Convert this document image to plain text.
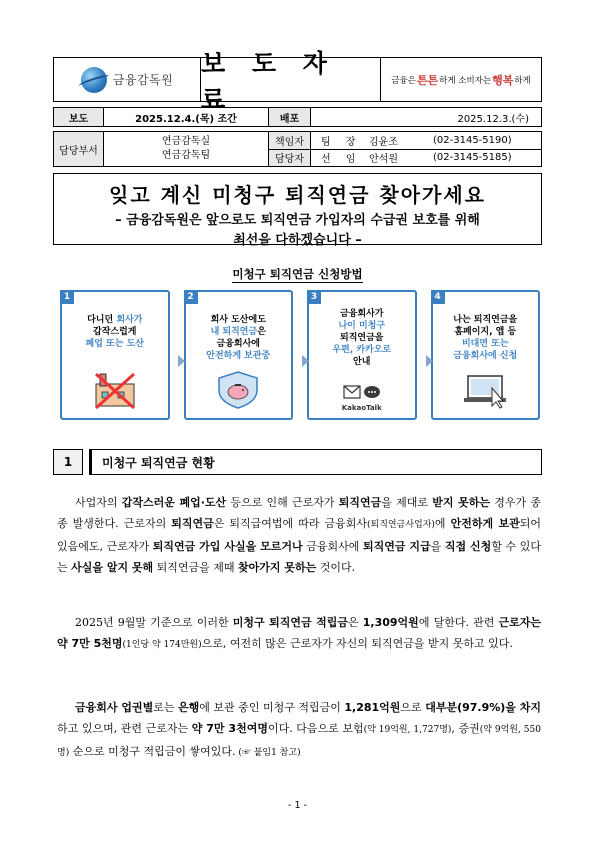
금융감독원
보 도 자 료
금융은 튼튼 하게 소비자는 행복 하게
보도	2025.12.4.(목) 조간	배포	2025.12.3.(수)
담당부서
연금감독실
연금감독팀
책임자	팀 장 김윤조	(02-3145-5190)
담당자	선 임 안석원	(02-3145-5185)
잊고 계신 미청구 퇴직연금 찾아가세요
– 금융감독원은 앞으로도 퇴직연금 가입자의 수급권 보호를 위해
최선을 다하겠습니다 –
미청구 퇴직연금 신청방법
1
다니던 회사가
갑작스럽게
폐업 또는 도산
2
회사 도산에도
내 퇴직연금은
금융회사에
안전하게 보관중
3
금융회사가
나이 미청구
퇴직연금을
우편, 카카오로
안내
KakaoTalk
4
나는 퇴직연금을
홈페이지, 앱 등
비대면 또는
금융회사에 신청
1	미청구 퇴직연금 현황

사업자의 갑작스러운 폐업·도산 등으로 인해 근로자가 퇴직연금을 제대로 받지 못하는 경우가 종종 발생한다. 근로자의 퇴직연금은 퇴직급여법에 따라 금융회사(퇴직연금사업자)에 안전하게 보관되어 있음에도, 근로자가 퇴직연금 가입 사실을 모르거나 금융회사에 퇴직연금 지급을 직접 신청할 수 있다는 사실을 알지 못해 퇴직연금을 제때 찾아가지 못하는 것이다.

2025년 9월말 기준으로 이러한 미청구 퇴직연금 적립금은 1,309억원에 달한다. 관련 근로자는 약 7만 5천명(1인당 약 174만원)으로, 여전히 많은 근로자가 자신의 퇴직연금을 받지 못하고 있다.

금융회사 업권별로는 은행에 보관 중인 미청구 적립금이 1,281억원으로 대부분(97.9%)을 차지하고 있으며, 관련 근로자는 약 7만 3천여명이다. 다음으로 보험(약 19억원, 1,727명), 증권(약 9억원, 550명) 순으로 미청구 적립금이 쌓여있다. (☞ 붙임1 참고)

- 1 -
